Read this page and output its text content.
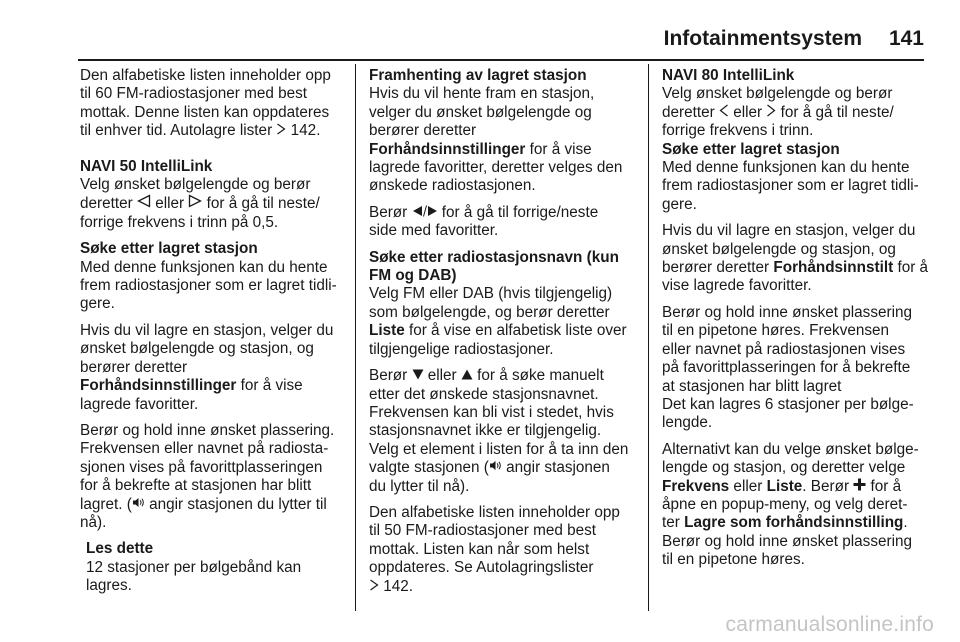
Infotainmentsystem 141
Den alfabetiske listen inneholder opp
til 60 FM-radiostasjoner med best
mottak. Denne listen kan oppdateres
til enhver tid. Autolagre lister  142.
NAVI 50 IntelliLink
Velg ønsket bølgelengde og berør
deretter  eller  for å gå til neste/
forrige frekvens i trinn på 0,5.
Søke etter lagret stasjon
Med denne funksjonen kan du hente
frem radiostasjoner som er lagret tidli-
gere.
Hvis du vil lagre en stasjon, velger du
ønsket bølgelengde og stasjon, og
berører deretter
Forhåndsinnstillinger for å vise
lagrede favoritter.
Berør og hold inne ønsket plassering.
Frekvensen eller navnet på radiosta-
sjonen vises på favorittplasseringen
for å bekrefte at stasjonen har blitt
lagret. ( angir stasjonen du lytter til
nå).
Les dette
12 stasjoner per bølgebånd kan
lagres.
Framhenting av lagret stasjon
Hvis du vil hente fram en stasjon,
velger du ønsket bølgelengde og
berører deretter
Forhåndsinnstillinger for å vise
lagrede favoritter, deretter velges den
ønskede radiostasjonen.
Berør  for å gå til forrige/neste
side med favoritter.
Søke etter radiostasjonsnavn (kun
FM og DAB)
Velg FM eller DAB (hvis tilgjengelig)
som bølgelengde, og berør deretter
Liste for å vise en alfabetisk liste over
tilgjengelige radiostasjoner.
Berør  eller  for å søke manuelt
etter det ønskede stasjonsnavnet.
Frekvensen kan bli vist i stedet, hvis
stasjonsnavnet ikke er tilgjengelig.
Velg et element i listen for å ta inn den
valgte stasjonen ( angir stasjonen
du lytter til nå).
Den alfabetiske listen inneholder opp
til 50 FM-radiostasjoner med best
mottak. Listen kan når som helst
oppdateres. Se Autolagringslister
142.
NAVI 80 IntelliLink
Velg ønsket bølgelengde og berør
deretter  eller  for å gå til neste/
forrige frekvens i trinn.
Søke etter lagret stasjon
Med denne funksjonen kan du hente
frem radiostasjoner som er lagret tidli-
gere.
Hvis du vil lagre en stasjon, velger du
ønsket bølgelengde og stasjon, og
berører deretter Forhåndsinnstilt for å
vise lagrede favoritter.
Berør og hold inne ønsket plassering
til en pipetone høres. Frekvensen
eller navnet på radiostasjonen vises
på favorittplasseringen for å bekrefte
at stasjonen har blitt lagret
Det kan lagres 6 stasjoner per bølge-
lengde.
Alternativt kan du velge ønsket bølge-
lengde og stasjon, og deretter velge
Frekvens eller Liste. Berør  for å
åpne en popup-meny, og velg deret-
ter Lagre som forhåndsinnstilling.
Berør og hold inne ønsket plassering
til en pipetone høres.
carmanualsonline.info
